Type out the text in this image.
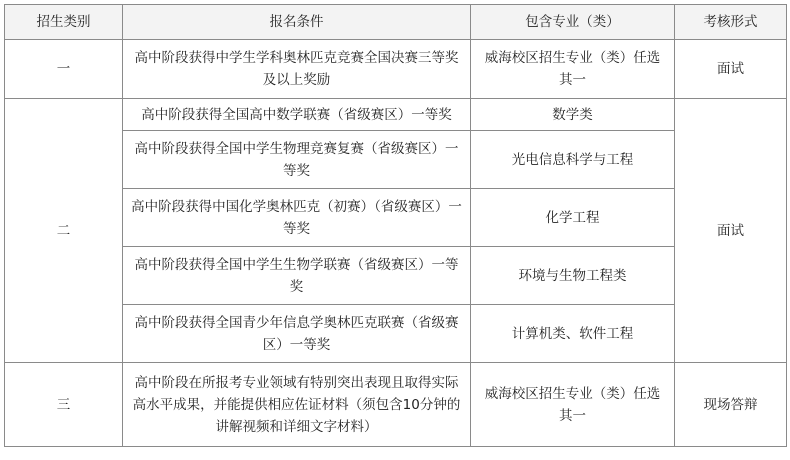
招生类别	报名条件	包含专业（类）	考核形式
一	高中阶段获得中学生学科奥林匹克竞赛全国决赛三等奖及以上奖励	威海校区招生专业（类）任选其一	面试
二	高中阶段获得全国高中数学联赛（省级赛区）一等奖	数学类	面试
	高中阶段获得全国中学生物理竞赛复赛（省级赛区）一等奖	光电信息科学与工程	
	高中阶段获得中国化学奥林匹克（初赛）（省级赛区）一等奖	化学工程	
	高中阶段获得全国中学生生物学联赛（省级赛区）一等奖	环境与生物工程类	
	高中阶段获得全国青少年信息学奥林匹克联赛（省级赛区）一等奖	计算机类、软件工程	
三	高中阶段在所报考专业领域有特别突出表现且取得实际高水平成果，并能提供相应佐证材料（须包含10分钟的讲解视频和详细文字材料）	威海校区招生专业（类）任选其一	现场答辩
